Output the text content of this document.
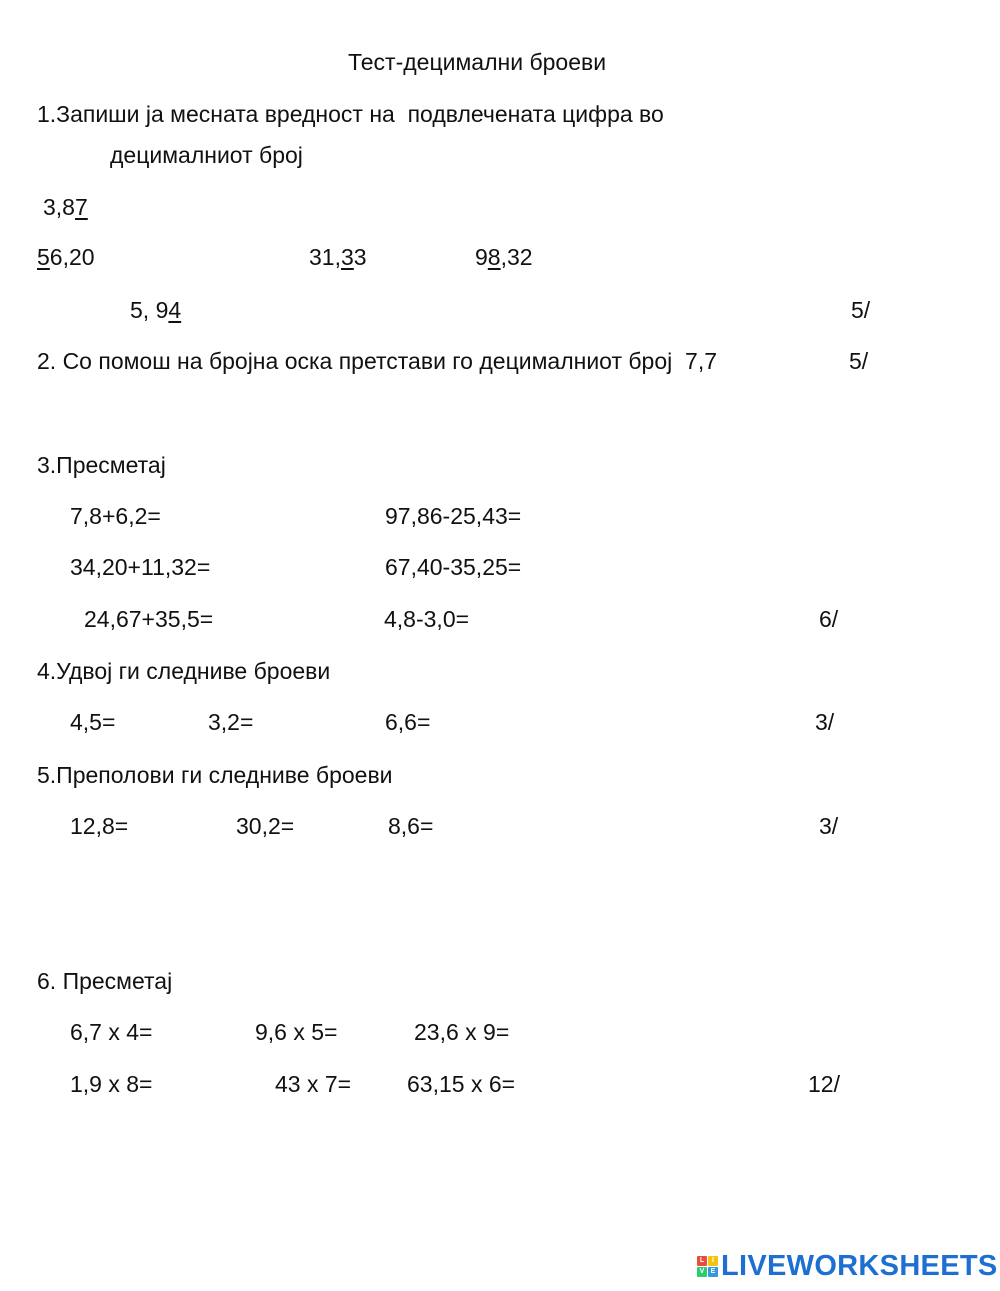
Тест-децимални броеви
1.Запиши ја месната вредност на  подвлечената цифра во
децималниот број
3,87
56,20	31,33	98,32
5, 94	5/
2. Со помош на бројна оска претстави го децималниот број  7,7	5/
3.Пресметај
7,8+6,2=	97,86-25,43=
34,20+11,32=	67,40-35,25=
24,67+35,5=	4,8-3,0=	6/
4.Удвој ги следниве броеви
4,5=	3,2=	6,6=	3/
5.Преполови ги следниве броеви
12,8=	30,2=	8,6=	3/
6. Пресметај
6,7 x 4=	9,6 x 5=	23,6 x 9=
1,9 x 8=	43 x 7= 63,15 x 6=	12/
L	I
V E LIVEWORKSHEETS
